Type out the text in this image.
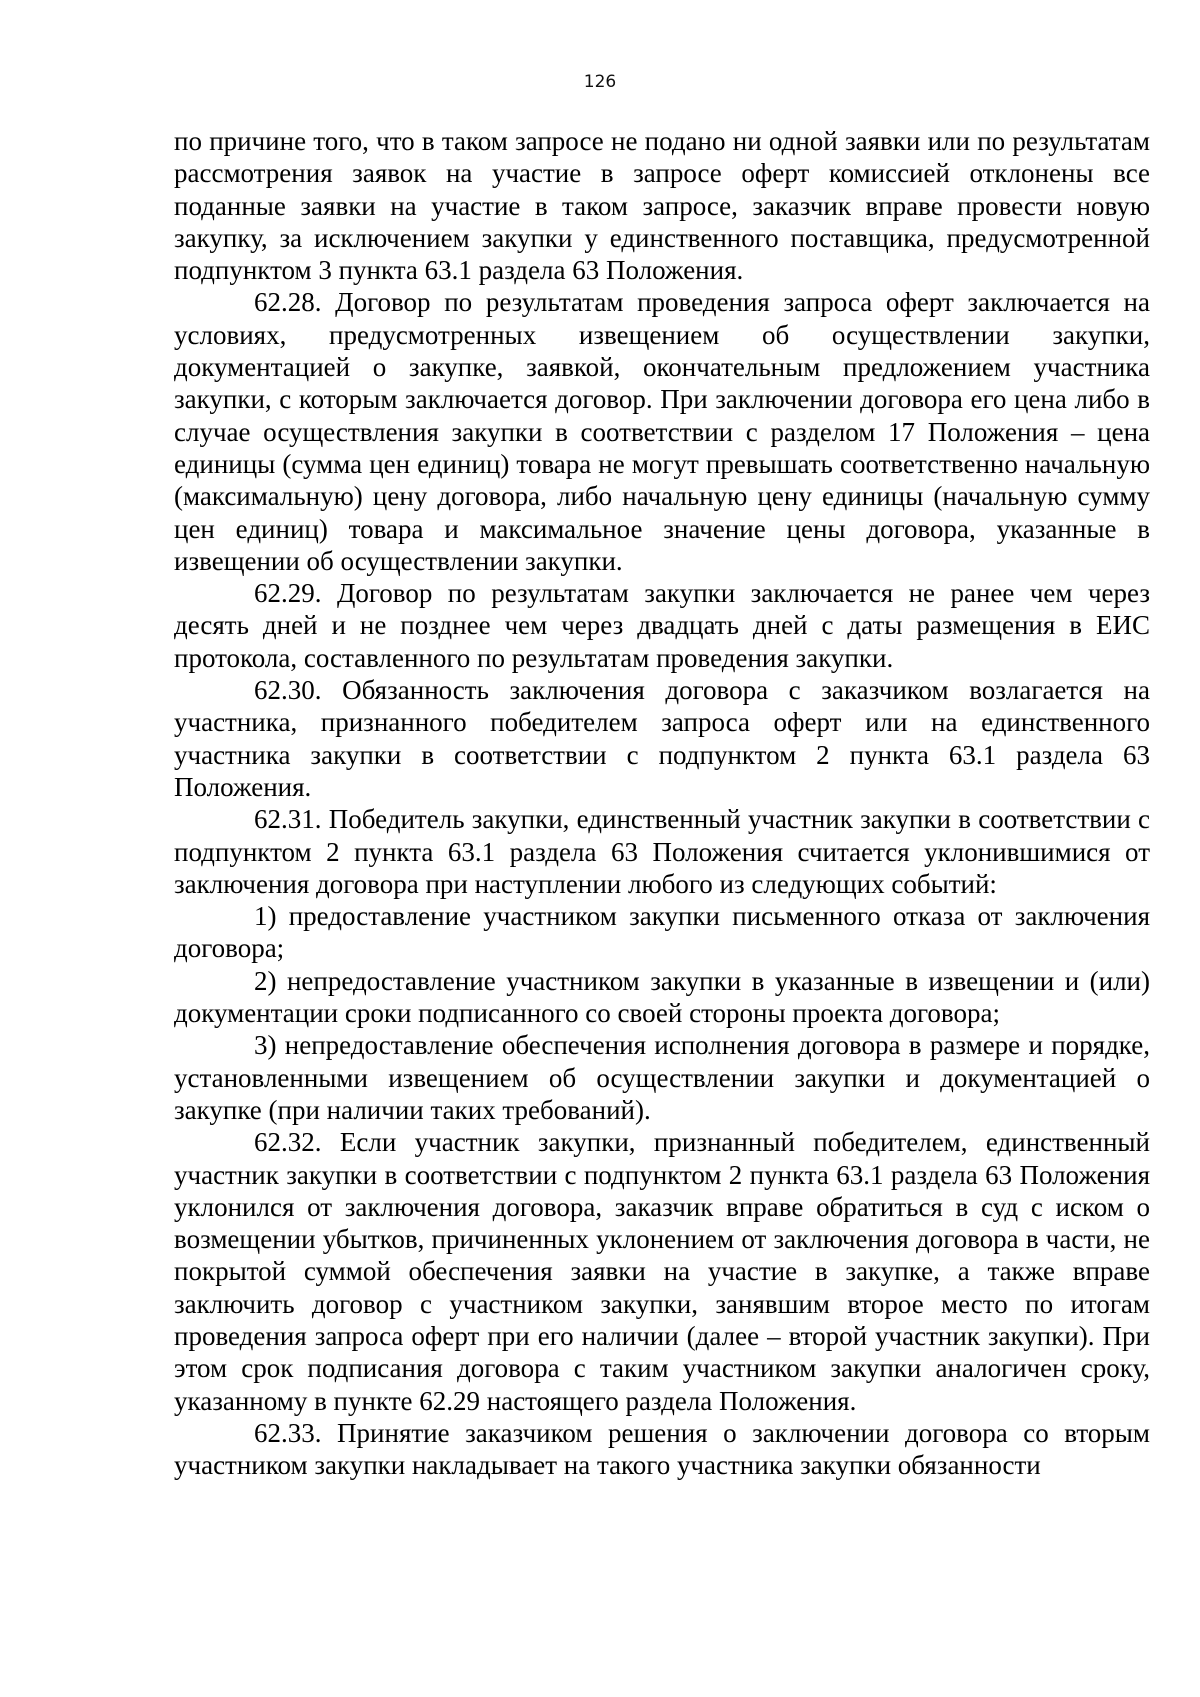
126

по причине того, что в таком запросе не подано ни одной заявки или по результатам рассмотрения заявок на участие в запросе оферт комиссией отклонены все поданные заявки на участие в таком запросе, заказчик вправе провести новую закупку, за исключением закупки у единственного поставщика, предусмотренной подпунктом 3 пункта 63.1 раздела 63 Положения.

62.28. Договор по результатам проведения запроса оферт заключается на условиях, предусмотренных извещением об осуществлении закупки, документацией о закупке, заявкой, окончательным предложением участника закупки, с которым заключается договор. При заключении договора его цена либо в случае осуществления закупки в соответствии с разделом 17 Положения – цена единицы (сумма цен единиц) товара не могут превышать соответственно начальную (максимальную) цену договора, либо начальную цену единицы (начальную сумму цен единиц) товара и максимальное значение цены договора, указанные в извещении об осуществлении закупки.

62.29. Договор по результатам закупки заключается не ранее чем через десять дней и не позднее чем через двадцать дней с даты размещения в ЕИС протокола, составленного по результатам проведения закупки.

62.30. Обязанность заключения договора с заказчиком возлагается на участника, признанного победителем запроса оферт или на единственного участника закупки в соответствии с подпунктом 2 пункта 63.1 раздела 63 Положения.

62.31. Победитель закупки, единственный участник закупки в соответствии с подпунктом 2 пункта 63.1 раздела 63 Положения считается уклонившимися от заключения договора при наступлении любого из следующих событий:

1) предоставление участником закупки письменного отказа от заключения договора;

2) непредоставление участником закупки в указанные в извещении и (или) документации сроки подписанного со своей стороны проекта договора;

3) непредоставление обеспечения исполнения договора в размере и порядке, установленными извещением об осуществлении закупки и документацией о закупке (при наличии таких требований).

62.32. Если участник закупки, признанный победителем, единственный участник закупки в соответствии с подпунктом 2 пункта 63.1 раздела 63 Положения уклонился от заключения договора, заказчик вправе обратиться в суд с иском о возмещении убытков, причиненных уклонением от заключения договора в части, не покрытой суммой обеспечения заявки на участие в закупке, а также вправе заключить договор с участником закупки, занявшим второе место по итогам проведения запроса оферт при его наличии (далее – второй участник закупки). При этом срок подписания договора с таким участником закупки аналогичен сроку, указанному в пункте 62.29 настоящего раздела Положения.

62.33. Принятие заказчиком решения о заключении договора со вторым участником закупки накладывает на такого участника закупки обязанности
